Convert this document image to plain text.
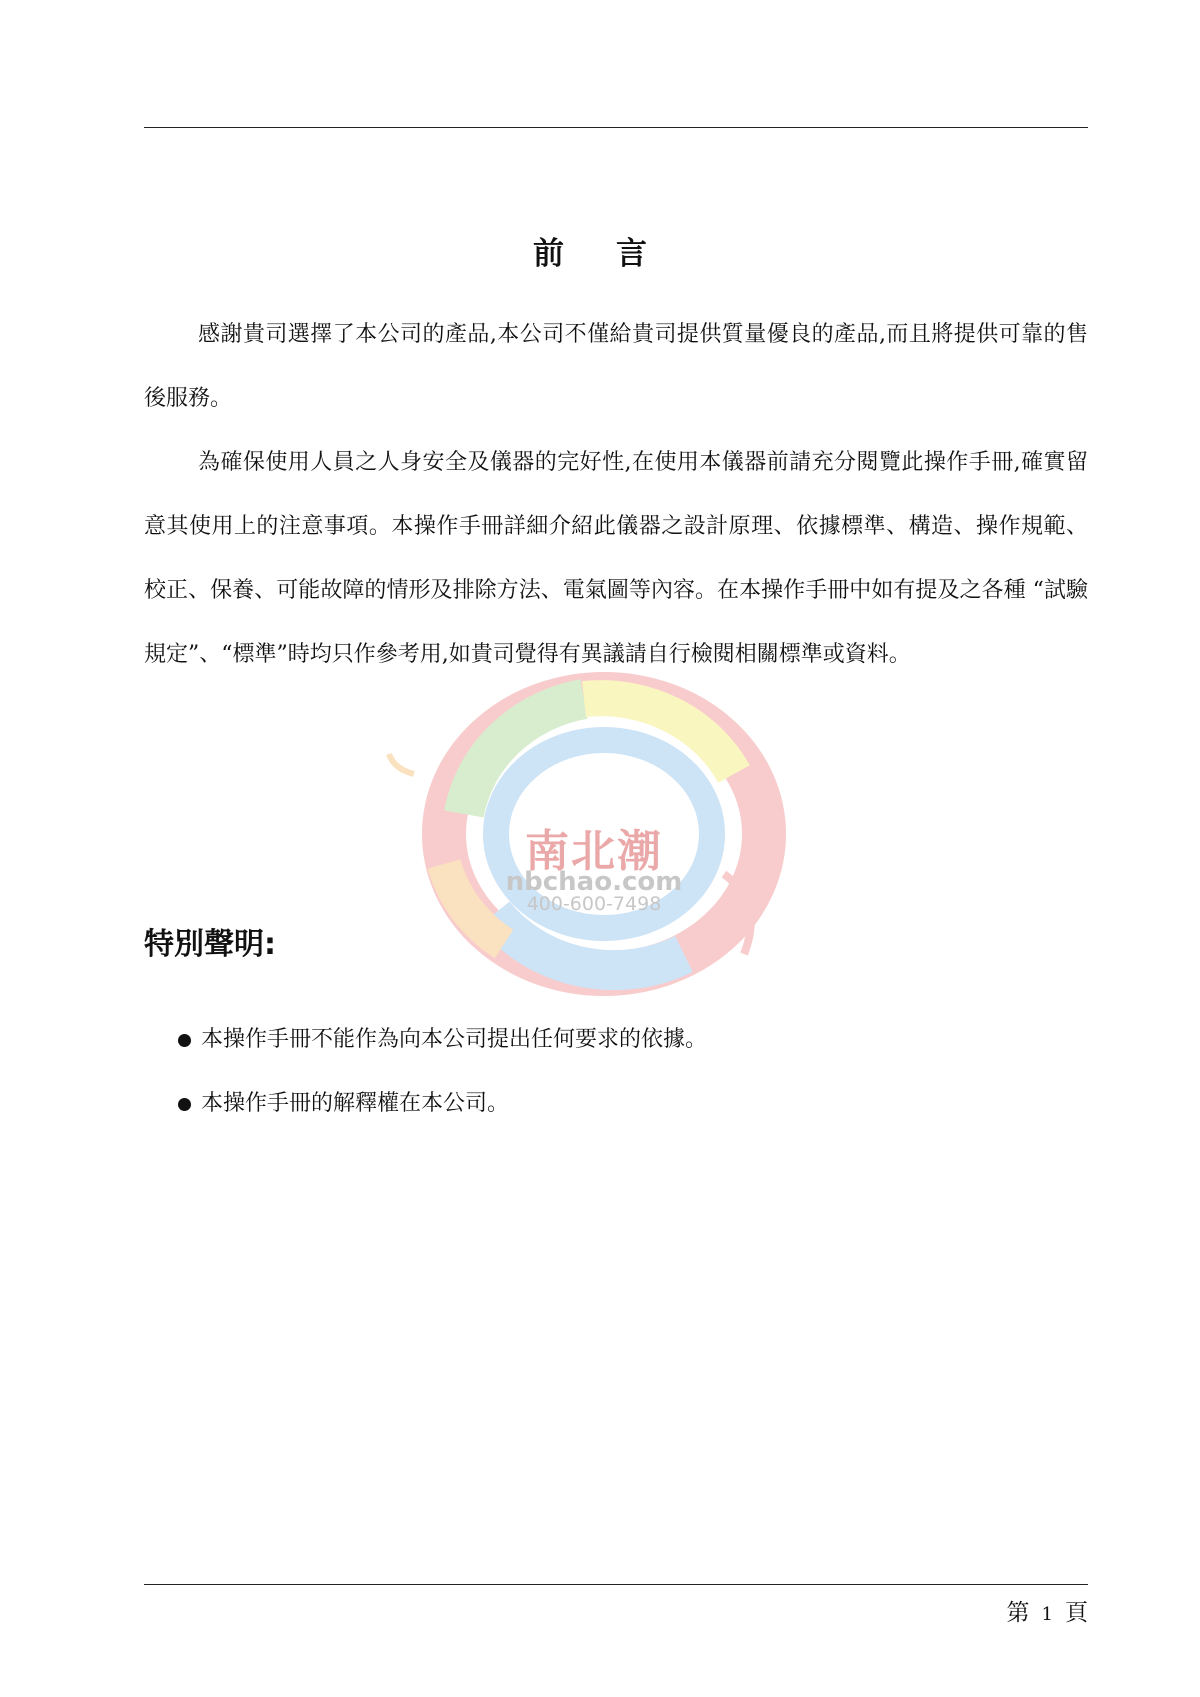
前言

感謝貴司選擇了本公司的產品,本公司不僅給貴司提供質量優良的產品,而且將提供可靠的售後服務。

為確保使用人員之人身安全及儀器的完好性,在使用本儀器前請充分閱覽此操作手冊,確實留意其使用上的注意事項。本操作手冊詳細介紹此儀器之設計原理、依據標準、構造、操作規範、校正、保養、可能故障的情形及排除方法、電氣圖等內容。在本操作手冊中如有提及之各種 “試驗規定”、“標準”時均只作參考用,如貴司覺得有異議請自行檢閱相關標準或資料。

南北潮
nbchao.com
400-600-7498
特別聲明:
本操作手冊不能作為向本公司提出任何要求的依據。
本操作手冊的解釋權在本公司。
第 1 頁
